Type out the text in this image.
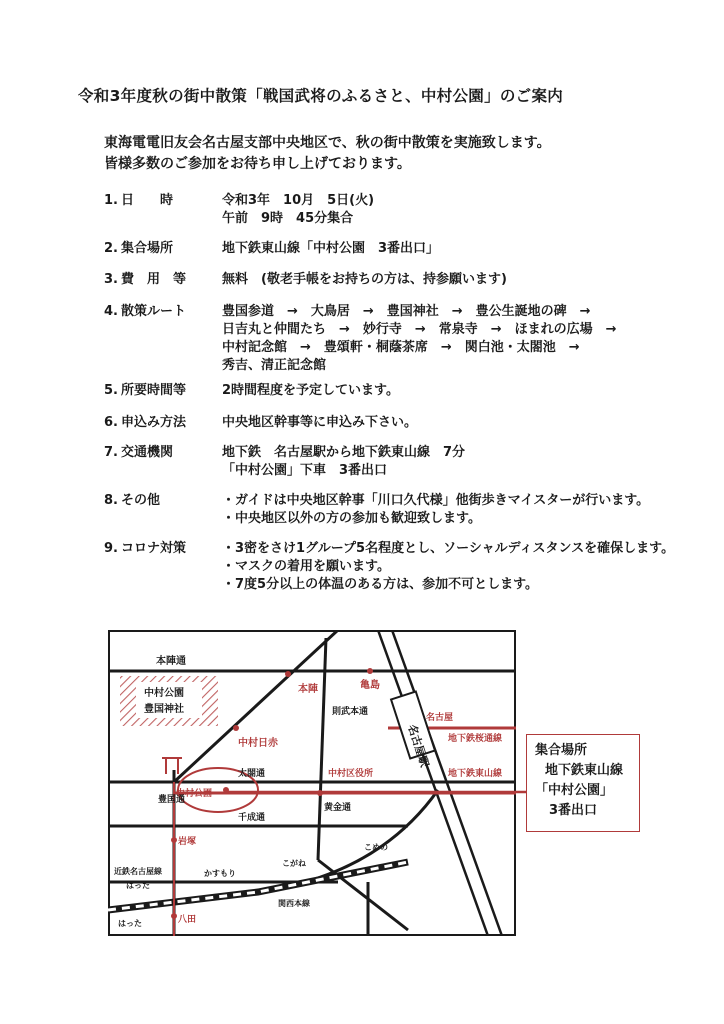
令和3年度秋の街中散策「戦国武将のふるさと、中村公園」のご案内
東海電電旧友会名古屋支部中央地区で、秋の街中散策を実施致します。
皆様多数のご参加をお待ち申し上げております。
1. 日　　時	令和3年　10月　5日(火)
午前　9時　45分集合
2. 集合場所	地下鉄東山線「中村公園　3番出口」
3. 費　用　等	無料　(敬老手帳をお持ちの方は、持参願います)
4. 散策ルート	豊国参道　→　大鳥居　→　豊国神社　→　豊公生誕地の碑　→
日吉丸と仲間たち　→　妙行寺　→　常泉寺　→　ほまれの広場　→
中村記念館　→　豊頌軒・桐蔭茶席　→　関白池・太閤池　→
秀吉、清正記念館
5. 所要時間等	2時間程度を予定しています。
6. 申込み方法	中央地区幹事等に申込み下さい。
7. 交通機関	地下鉄　名古屋駅から地下鉄東山線　7分
「中村公園」下車　3番出口
8. その他	・ガイドは中央地区幹事「川口久代様」他街歩きマイスターが行います。
・中央地区以外の方の参加も歓迎致します。
9. コロナ対策	・3密をさけ1グループ5名程度とし、ソーシャルディスタンスを確保します。
・マスクの着用を願います。
・7度5分以上の体温のある方は、参加不可とします。
本陣通
中村公園
豊国神社
本陣	亀島
中村日赤
則武本通
名古屋駅
名古屋
地下鉄桜通線
地下鉄東山線
太閤通	中村区役所
中村公園
豊国通
千成通
黄金通
岩塚
近鉄名古屋線
はった
はった
かすもり
こがね
こめの
関西本線
八田
集合場所
地下鉄東山線
「中村公園」
3番出口
